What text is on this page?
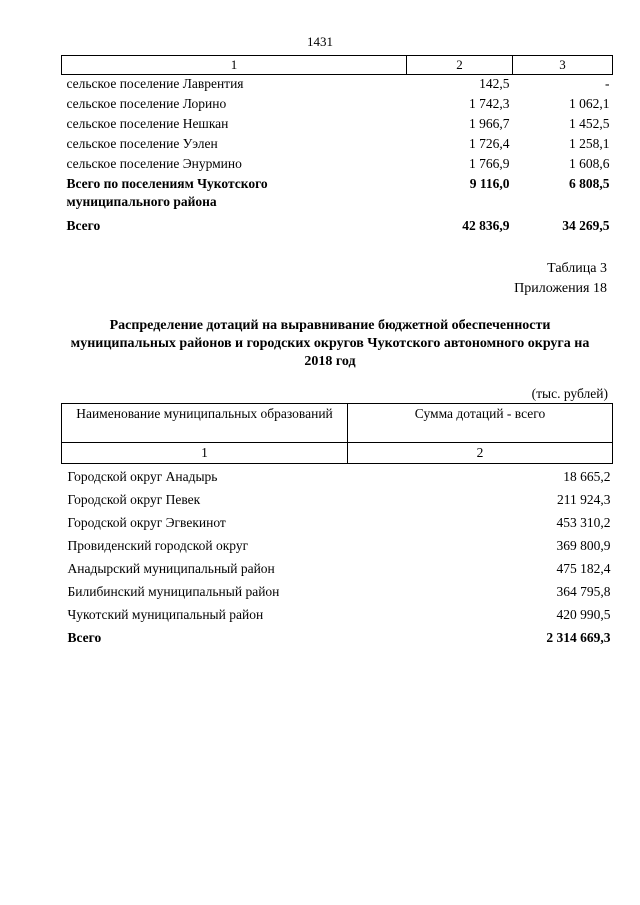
1431
1	2	3
сельское поселение Лаврентия	142,5	-
сельское поселение Лорино	1 742,3	1 062,1
сельское поселение Нешкан	1 966,7	1 452,5
сельское поселение Уэлен	1 726,4	1 258,1
сельское поселение Энурмино	1 766,9	1 608,6
Всего по поселениям Чукотского муниципального района	9 116,0	6 808,5
Всего	42 836,9	34 269,5
Таблица 3
Приложения 18
Распределение дотаций на выравнивание бюджетной обеспеченности муниципальных районов и городских округов Чукотского автономного округа на 2018 год
(тыс. рублей)
Наименование муниципальных образований	Сумма дотаций - всего
1	2
Городской округ Анадырь	18 665,2
Городской округ Певек	211 924,3
Городской округ Эгвекинот	453 310,2
Провиденский городской округ	369 800,9
Анадырский муниципальный район	475 182,4
Билибинский муниципальный район	364 795,8
Чукотский муниципальный район	420 990,5
Всего	2 314 669,3
